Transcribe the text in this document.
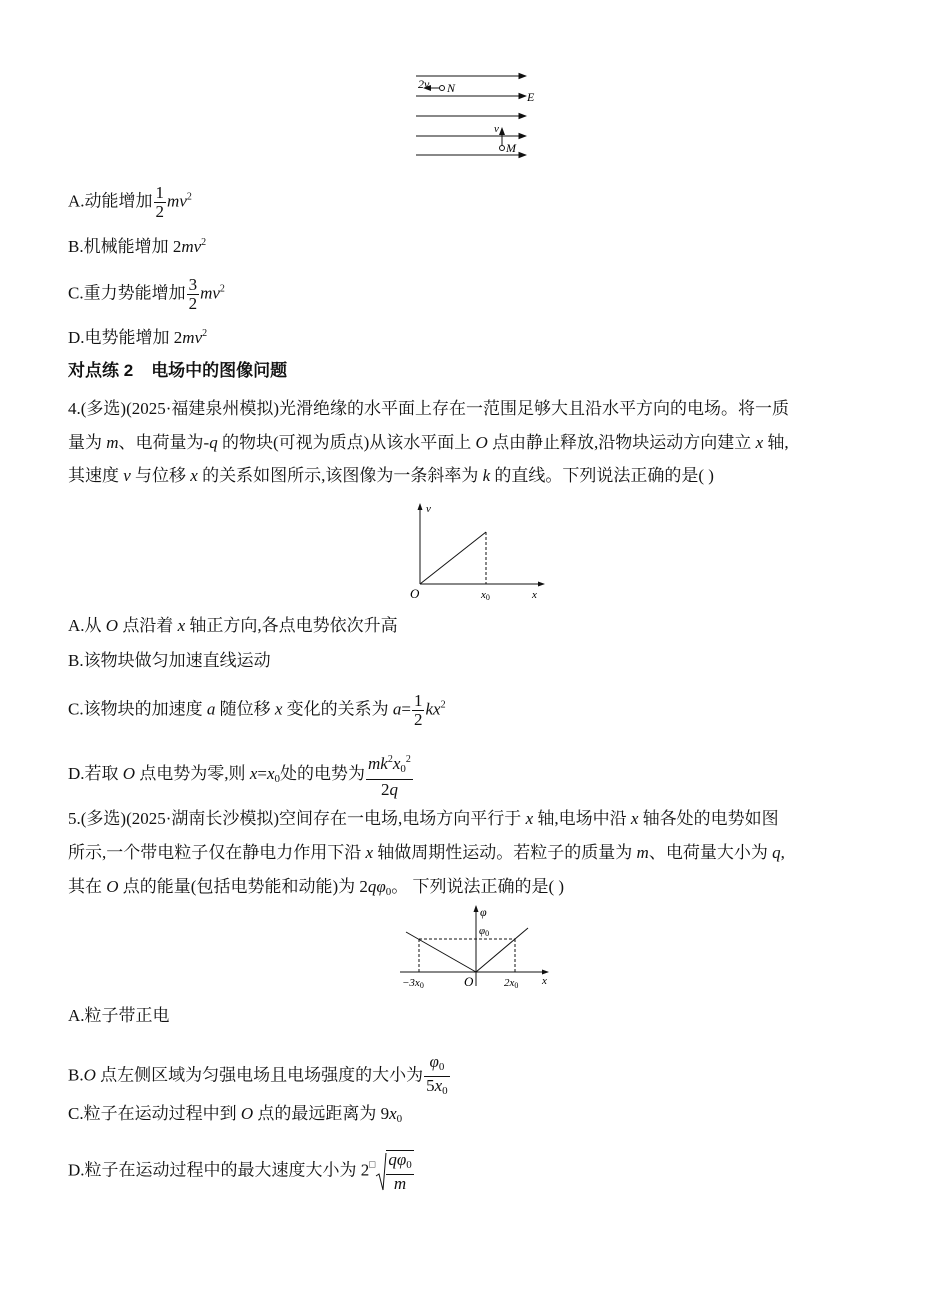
2v N
E
v
M
A.动能增加 $\frac{1}{2} mv^2$
B.机械能增加 $2mv^2$
C.重力势能增加 $\frac{3}{2} mv^2$
D.电势能增加 $2mv^2$
对点练 2 电场中的图像问题
4.(多选)(2025·福建泉州模拟)光滑绝缘的水平面上存在一范围足够大且沿水平方向的电场。将一质
量为 m、电荷量为-q 的物块(可视为质点)从该水平面上 O 点由静止释放,沿物块运动方向建立 x 轴,
其速度 v 与位移 x 的关系如图所示,该图像为一条斜率为 k 的直线。下列说法正确的是( )
v
O	x0	x
A.从 O 点沿着 x 轴正方向,各点电势依次升高
B.该物块做匀加速直线运动
C.该物块的加速度 a 随位移 x 变化的关系为 $a= \frac{1}{2} kx^2$
D.若取 O 点电势为零,则 $x=x_0$处的电势为 $\frac{mk^2x_0^2}{2q}$
5.(多选)(2025·湖南长沙模拟)空间存在一电场,电场方向平行于 x 轴,电场中沿 x 轴各处的电势如图
所示,一个带电粒子仅在静电力作用下沿 x 轴做周期性运动。若粒子的质量为 m、电荷量大小为 q,
其在 O 点的能量(包括电势能和动能)为 $2q\varphi_0$。 下列说法正确的是( )
φ
φ0
−3x0	O	2x0 x
A.粒子带正电
B.O 点左侧区域为匀强电场且电场强度的大小为 $\frac{\varphi_0}{5x_0}$
C.粒子在运动过程中到 O 点的最远距离为 $9x_0$
D.粒子在运动过程中的最大速度大小为 $2^□ \frac{q\varphi_0}{m}$
